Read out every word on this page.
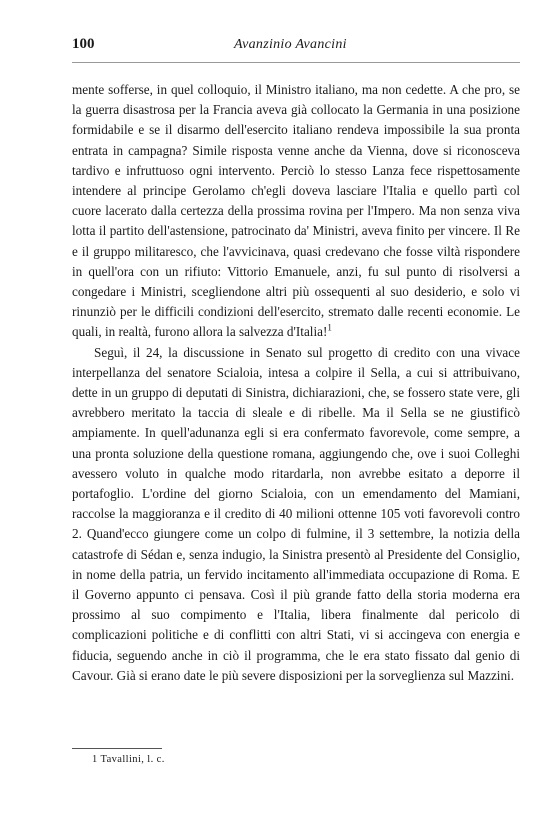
100	Avanzinio Avancini

mente sofferse, in quel colloquio, il Ministro italiano, ma non cedette. A che pro, se la guerra disastrosa per la Francia aveva già collocato la Germania in una posizione formidabile e se il disarmo dell'esercito italiano rendeva impossibile la sua pronta entrata in campagna? Simile risposta venne anche da Vienna, dove si riconosceva tardivo e infruttuoso ogni intervento. Perciò lo stesso Lanza fece rispettosamente intendere al principe Gerolamo ch'egli doveva lasciare l'Italia e quello partì col cuore lacerato dalla certezza della prossima rovina per l'Impero. Ma non senza viva lotta il partito dell'astensione, patrocinato da' Ministri, aveva finito per vincere. Il Re e il gruppo militaresco, che l'avvicinava, quasi credevano che fosse viltà rispondere in quell'ora con un rifiuto: Vittorio Emanuele, anzi, fu sul punto di risolversi a congedare i Ministri, scegliendone altri più ossequenti al suo desiderio, e solo vi rinunziò per le difficili condizioni dell'esercito, stremato dalle recenti economie. Le quali, in realtà, furono allora la salvezza d'Italia!$^1$

Seguì, il 24, la discussione in Senato sul progetto di credito con una vivace interpellanza del senatore Scialoia, intesa a colpire il Sella, a cui si attribuivano, dette in un gruppo di deputati di Sinistra, dichiarazioni, che, se fossero state vere, gli avrebbero meritato la taccia di sleale e di ribelle. Ma il Sella se ne giustificò ampiamente. In quell'adunanza egli si era confermato favorevole, come sempre, a una pronta soluzione della questione romana, aggiungendo che, ove i suoi Colleghi avessero voluto in qualche modo ritardarla, non avrebbe esitato a deporre il portafoglio. L'ordine del giorno Scialoia, con un emendamento del Mamiani, raccolse la maggioranza e il credito di 40 milioni ottenne 105 voti favorevoli contro 2. Quand'ecco giungere come un colpo di fulmine, il 3 settembre, la notizia della catastrofe di Sédan e, senza indugio, la Sinistra presentò al Presidente del Consiglio, in nome della patria, un fervido incitamento all'immediata occupazione di Roma. E il Governo appunto ci pensava. Così il più grande fatto della storia moderna era prossimo al suo compimento e l'Italia, libera finalmente dal pericolo di complicazioni politiche e di conflitti con altri Stati, vi si accingeva con energia e fiducia, seguendo anche in ciò il programma, che le era stato fissato dal genio di Cavour. Già si erano date le più severe disposizioni per la sorveglienza sul Mazzini.

1 Tavallini, l. c.
